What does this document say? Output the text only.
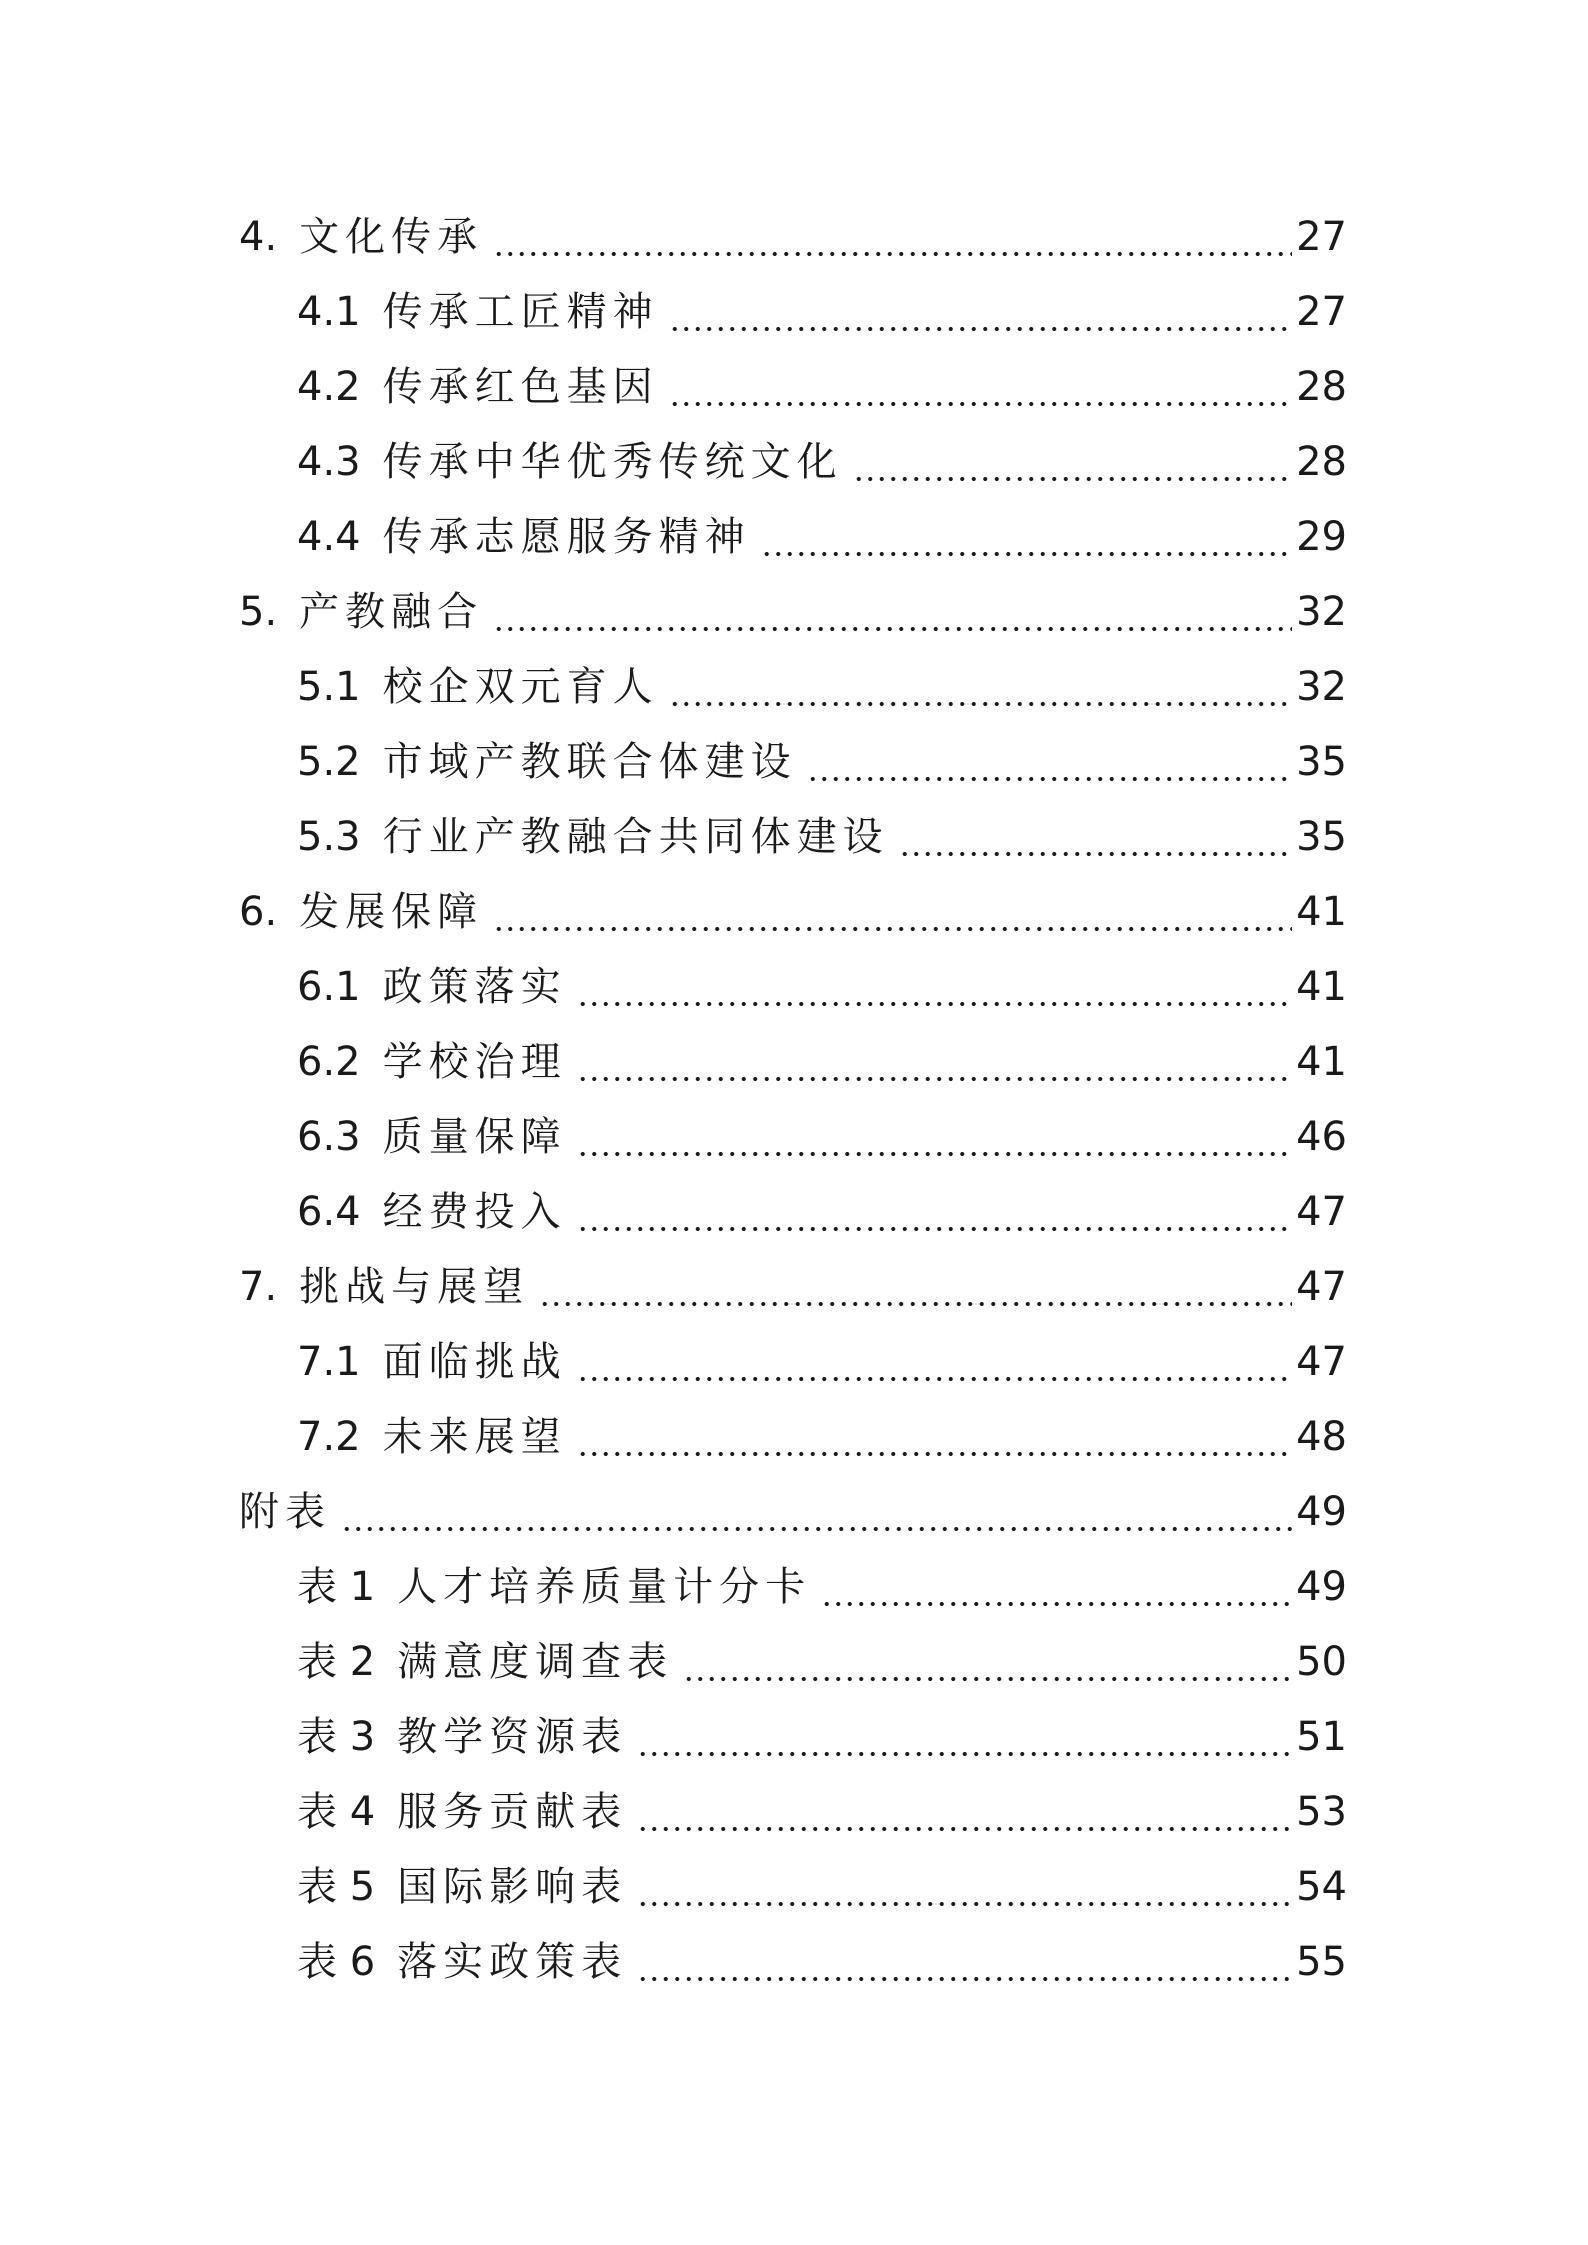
4. 文化传承	27
4.1 传承工匠精神	27
4.2 传承红色基因	28
4.3 传承中华优秀传统文化	28
4.4 传承志愿服务精神	29
5. 产教融合	32
5.1 校企双元育人	32
5.2 市域产教联合体建设	35
5.3 行业产教融合共同体建设	35
6. 发展保障	41
6.1 政策落实	41
6.2 学校治理	41
6.3 质量保障	46
6.4 经费投入	47
7. 挑战与展望	47
7.1 面临挑战	47
7.2 未来展望	48
附表	49
表 1 人才培养质量计分卡	49
表 2 满意度调查表	50
表 3 教学资源表	51
表 4 服务贡献表	53
表 5 国际影响表	54
表 6 落实政策表	55
